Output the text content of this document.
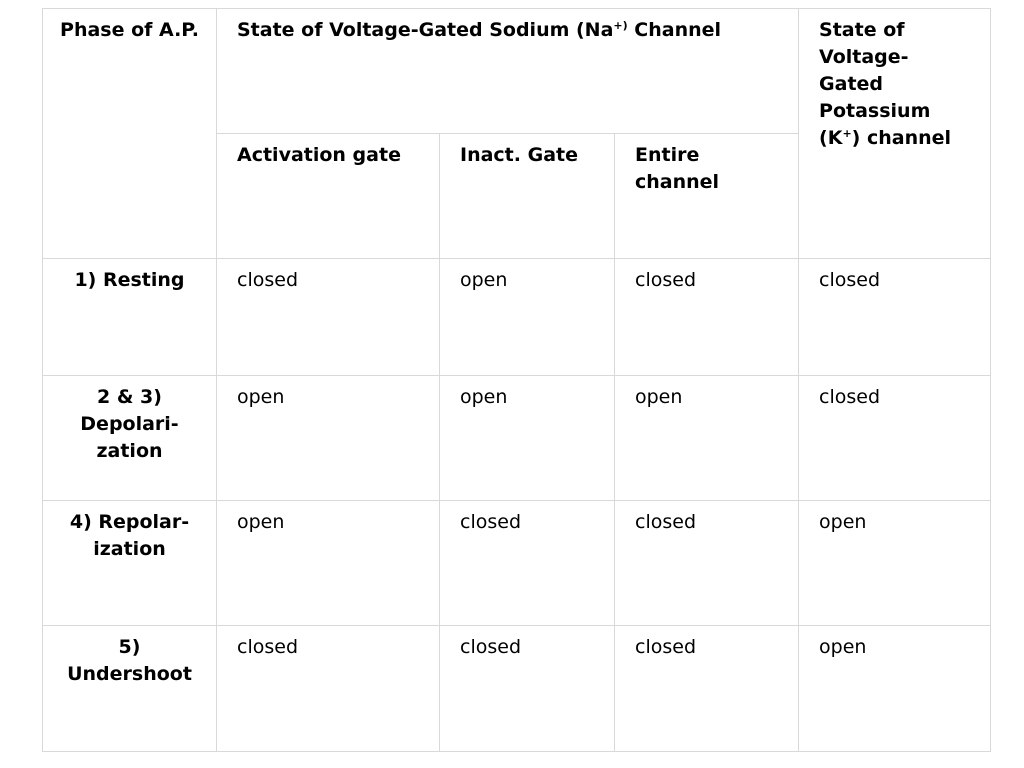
Phase of A.P.	State of Voltage-Gated Sodium (Na+) Channel			State of Voltage-Gated Potassium (K+) channel
	Activation gate	Inact. Gate	Entire channel	
1) Resting	closed	open	closed	closed
2 & 3) Depolari-zation	open	open	open	closed
4) Repolar-ization	open	closed	closed	open
5) Undershoot	closed	closed	closed	open
